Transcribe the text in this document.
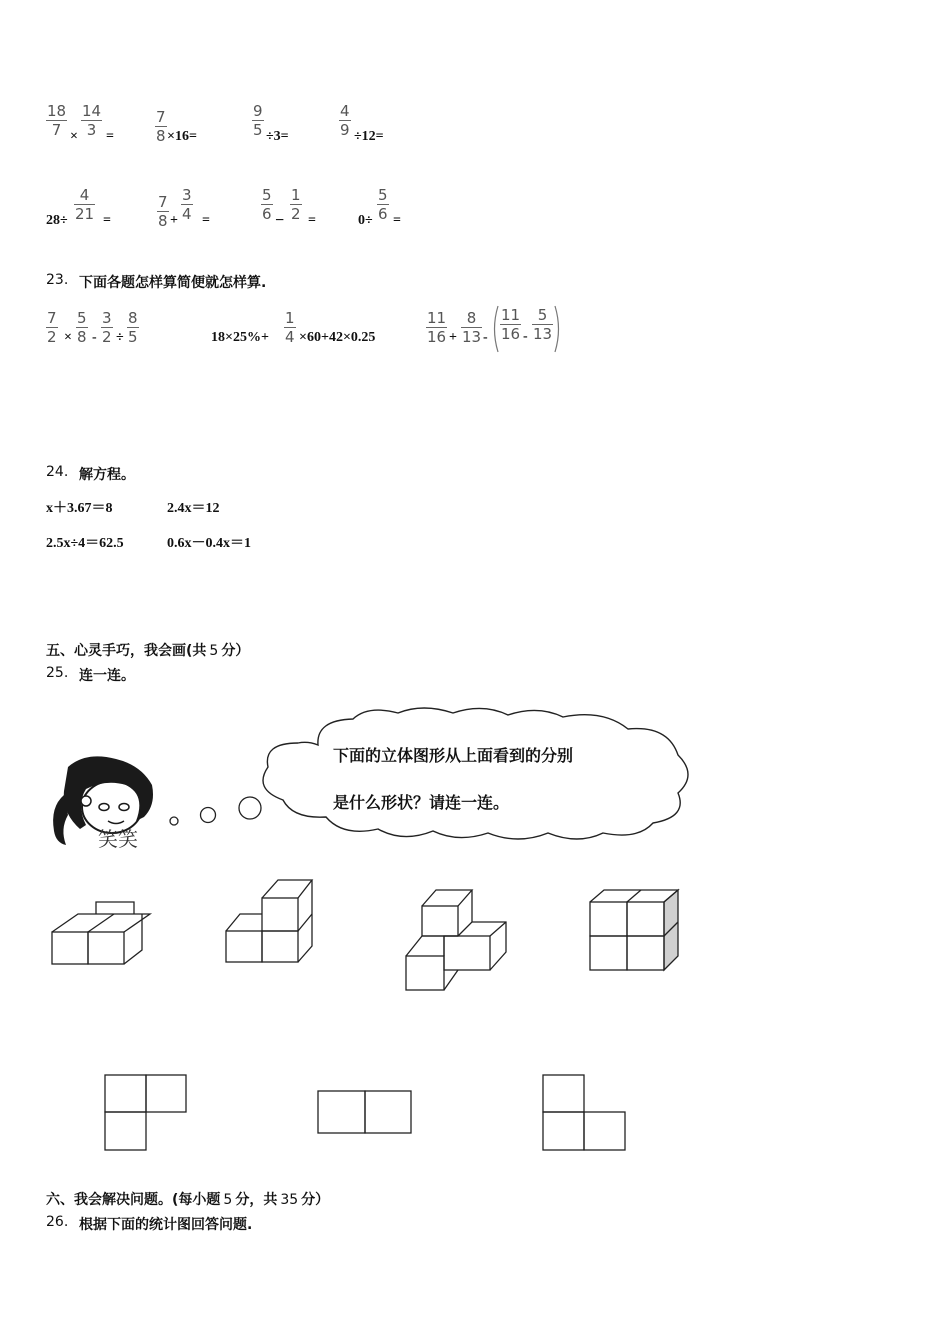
18
7 ×
14
3 =
7
8 ×16=
9
5 ÷3=
4
9 ÷12=
28÷
4
21 =
7
8 +
3
4 =
5
6 −
1
2 =	0÷
5
6 =
23. 下面各题怎样算简便就怎样算.
7
2 ×
5
8 -
3
2 ÷
8
5	18×25%+
1
4 ×60+42×0.25
11
16 +
8
13 -
11
16 -
5
13
24. 解方程。
x＋3.67＝8	2.4x＝12
2.5x÷4＝62.5	0.6x－0.4x＝1
五、心灵手巧，我会画(共 5 分）
25. 连一连。
笑笑
下面的立体图形从上面看到的分别
是什么形状？请连一连。
六、我会解决问题。(每小题 5 分，共 35 分）
26. 根据下面的统计图回答问题.
